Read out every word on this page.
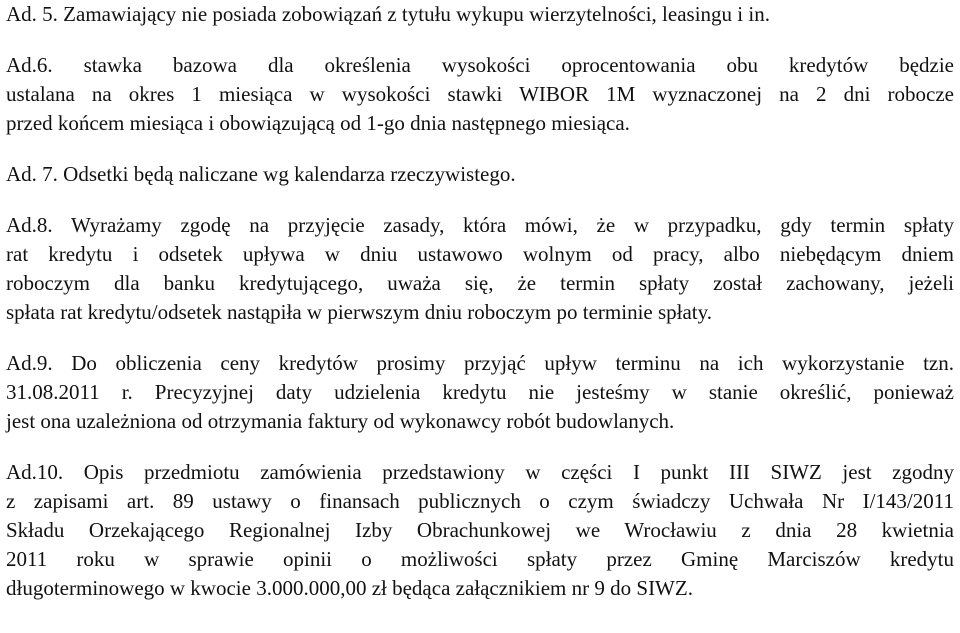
Ad. 5. Zamawiający nie posiada zobowiązań z tytułu wykupu wierzytelności, leasingu i in.
Ad.6. stawka bazowa dla określenia wysokości oprocentowania obu kredytów będzie
ustalana na okres 1 miesiąca w wysokości stawki WIBOR 1M wyznaczonej na 2 dni robocze
przed końcem miesiąca i obowiązującą od 1-go dnia następnego miesiąca.
Ad. 7. Odsetki będą naliczane wg kalendarza rzeczywistego.
Ad.8. Wyrażamy zgodę na przyjęcie zasady, która mówi, że w przypadku, gdy termin spłaty
rat kredytu i odsetek upływa w dniu ustawowo wolnym od pracy, albo niebędącym dniem
roboczym dla banku kredytującego, uważa się, że termin spłaty został zachowany, jeżeli
spłata rat kredytu/odsetek nastąpiła w pierwszym dniu roboczym po terminie spłaty.
Ad.9. Do obliczenia ceny kredytów prosimy przyjąć upływ terminu na ich wykorzystanie tzn.
31.08.2011 r. Precyzyjnej daty udzielenia kredytu nie jesteśmy w stanie określić, ponieważ
jest ona uzależniona od otrzymania faktury od wykonawcy robót budowlanych.
Ad.10. Opis przedmiotu zamówienia przedstawiony w części I punkt III SIWZ jest zgodny
z zapisami art. 89 ustawy o finansach publicznych o czym świadczy Uchwała Nr I/143/2011
Składu Orzekającego Regionalnej Izby Obrachunkowej we Wrocławiu z dnia 28 kwietnia
2011 roku w sprawie opinii o możliwości spłaty przez Gminę Marciszów kredytu
długoterminowego w kwocie 3.000.000,00 zł będąca załącznikiem nr 9 do SIWZ.
